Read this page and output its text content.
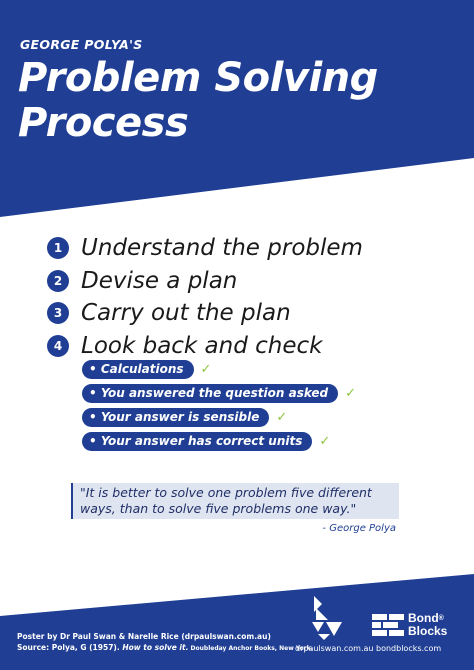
GEORGE POLYA'S
Problem Solving
Process
1 Understand the problem
2 Devise a plan
3 Carry out the plan
4 Look back and check
• Calculations	✓
• You answered the question asked	✓
• Your answer is sensible	✓
• Your answer has correct units	✓
"It is better to solve one problem five different ways, than to solve five problems one way."
- George Polya
Poster by Dr Paul Swan & Narelle Rice (drpaulswan.com.au)
Source: Polya, G (1957). How to solve it. Doubleday Anchor Books, New York.
drpaulswan.com.au
Bond®
Blocks
bondblocks.com
